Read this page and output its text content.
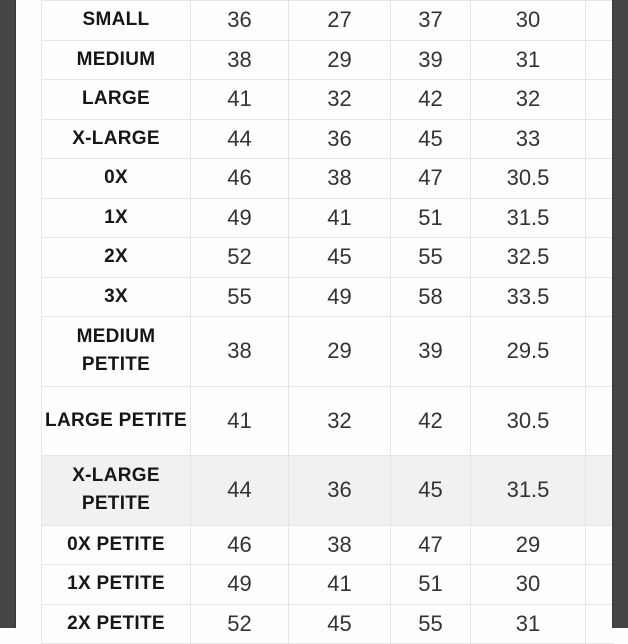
SMALL	36	27	37	30	
MEDIUM	38	29	39	31	
LARGE	41	32	42	32	
X-LARGE	44	36	45	33	
0X	46	38	47	30.5	
1X	49	41	51	31.5	
2X	52	45	55	32.5	
3X	55	49	58	33.5	
MEDIUM PETITE	38	29	39	29.5	
LARGE PETITE	41	32	42	30.5	
X-LARGE PETITE	44	36	45	31.5	
0X PETITE	46	38	47	29	
1X PETITE	49	41	51	30	
2X PETITE	52	45	55	31	
